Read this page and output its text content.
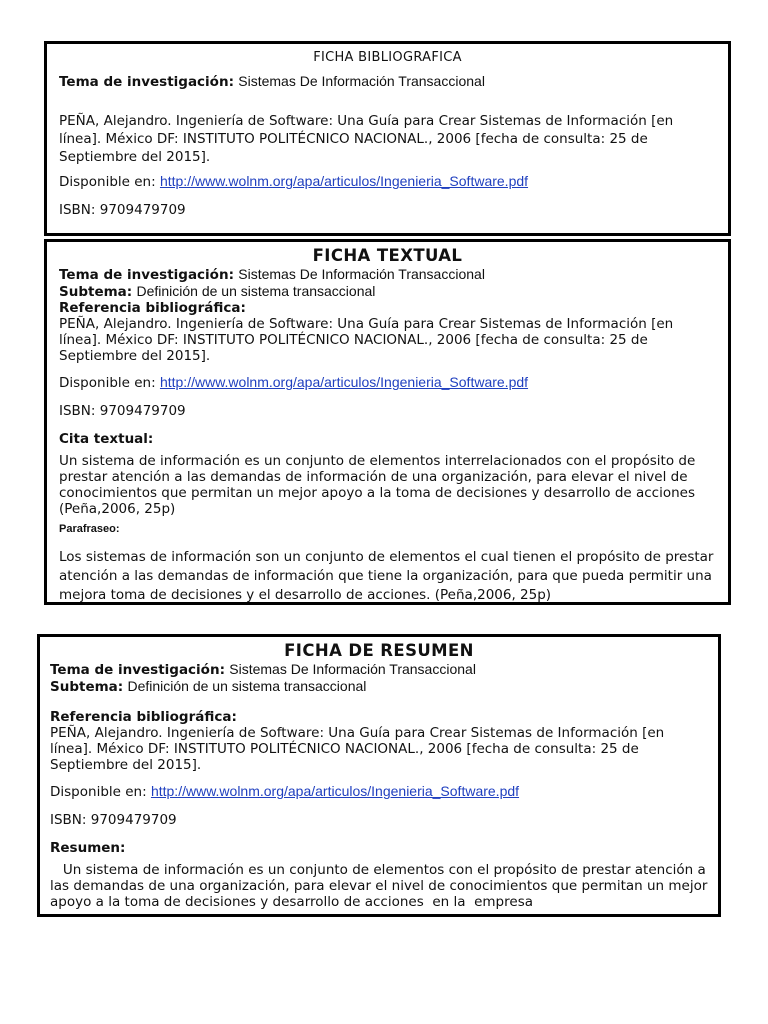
FICHA BIBLIOGRAFICA

Tema de investigación: Sistemas De Información Transaccional

PEÑA, Alejandro. Ingeniería de Software: Una Guía para Crear Sistemas de Información [en línea]. México DF: INSTITUTO POLITÉCNICO NACIONAL., 2006 [fecha de consulta: 25 de Septiembre del 2015].

Disponible en: http://www.wolnm.org/apa/articulos/Ingenieria_Software.pdf

ISBN: 9709479709

FICHA TEXTUAL

Tema de investigación: Sistemas De Información Transaccional

Subtema: Definición de un sistema transaccional

Referencia bibliográfica:

PEÑA, Alejandro. Ingeniería de Software: Una Guía para Crear Sistemas de Información [en línea]. México DF: INSTITUTO POLITÉCNICO NACIONAL., 2006 [fecha de consulta: 25 de Septiembre del 2015].

Disponible en: http://www.wolnm.org/apa/articulos/Ingenieria_Software.pdf

ISBN: 9709479709

Cita textual:

Un sistema de información es un conjunto de elementos interrelacionados con el propósito de prestar atención a las demandas de información de una organización, para elevar el nivel de conocimientos que permitan un mejor apoyo a la toma de decisiones y desarrollo de acciones (Peña,2006, 25p)

Parafraseo:

Los sistemas de información son un conjunto de elementos el cual tienen el propósito de prestar atención a las demandas de información que tiene la organización, para que pueda permitir una mejora toma de decisiones y el desarrollo de acciones. (Peña,2006, 25p)

FICHA DE RESUMEN

Tema de investigación: Sistemas De Información Transaccional

Subtema: Definición de un sistema transaccional

Referencia bibliográfica:

PEÑA, Alejandro. Ingeniería de Software: Una Guía para Crear Sistemas de Información [en línea]. México DF: INSTITUTO POLITÉCNICO NACIONAL., 2006 [fecha de consulta: 25 de Septiembre del 2015].

Disponible en: http://www.wolnm.org/apa/articulos/Ingenieria_Software.pdf

ISBN: 9709479709

Resumen:

Un sistema de información es un conjunto de elementos con el propósito de prestar atención a las demandas de una organización, para elevar el nivel de conocimientos que permitan un mejor apoyo a la toma de decisiones y desarrollo de acciones  en la  empresa
